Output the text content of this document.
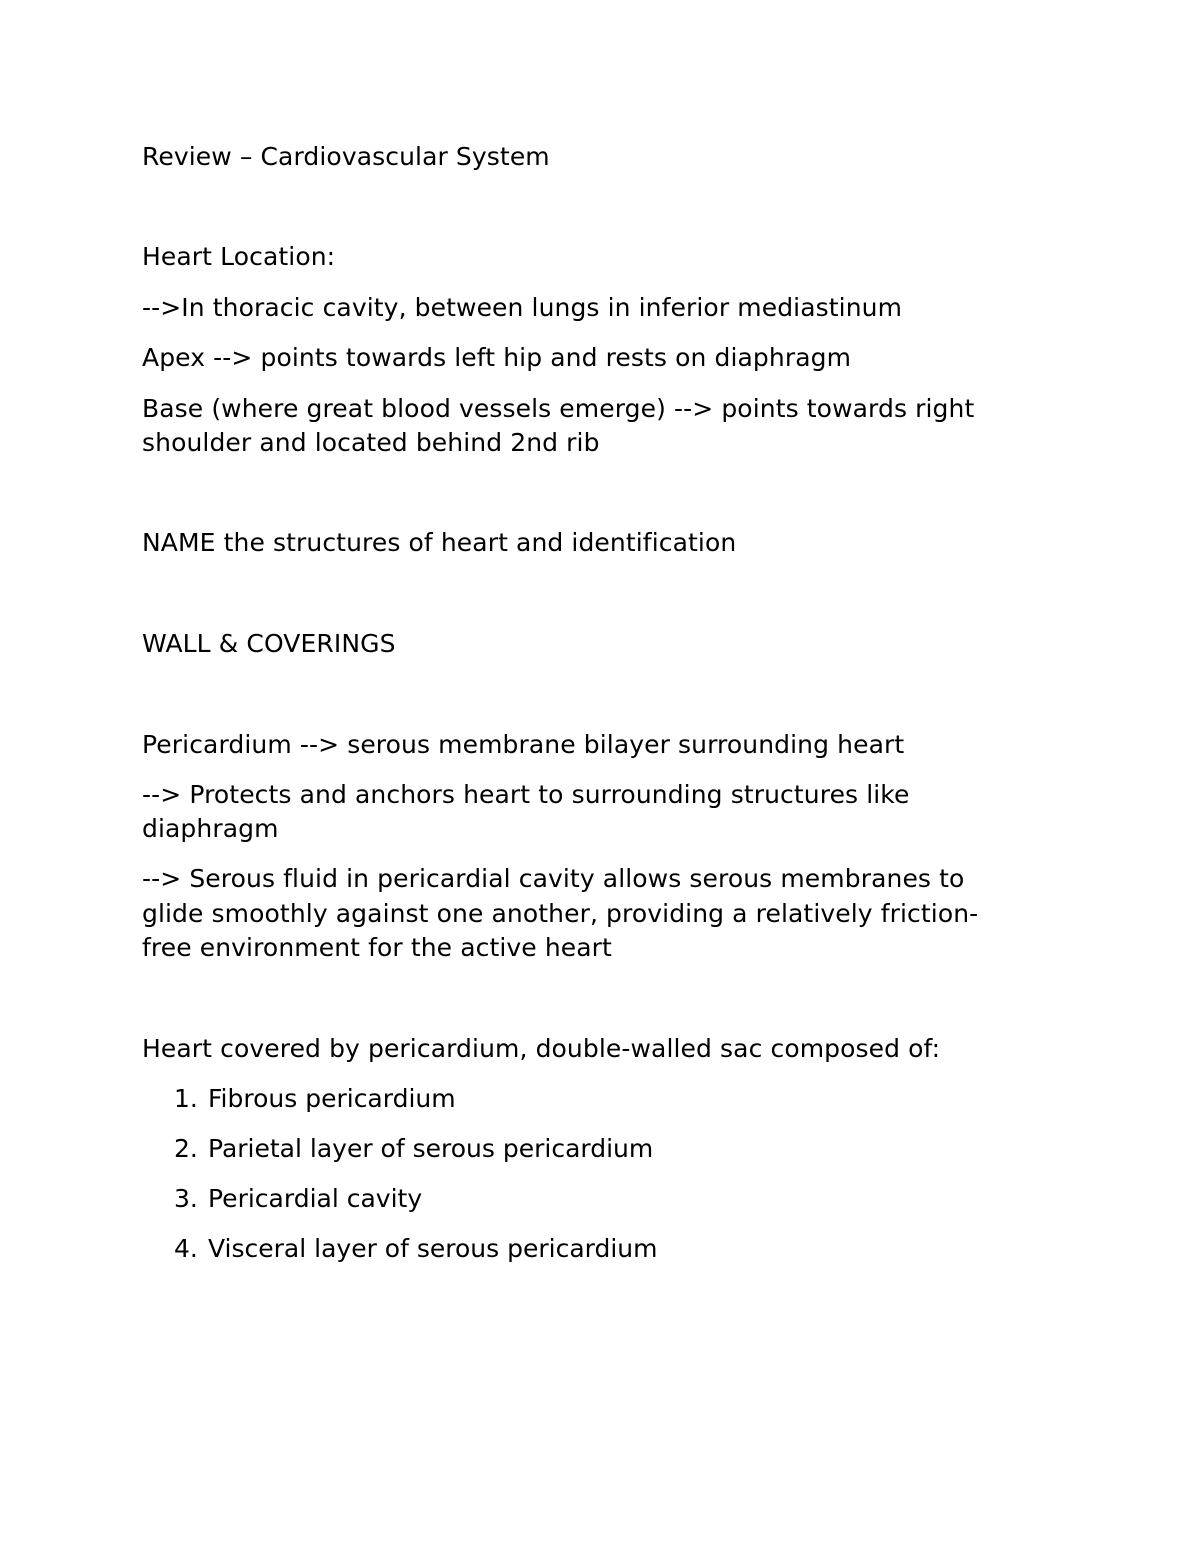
Review – Cardiovascular System
Heart Location:
-->In thoracic cavity, between lungs in inferior mediastinum
Apex --> points towards left hip and rests on diaphragm
Base (where great blood vessels emerge) --> points towards right
shoulder and located behind 2nd rib
NAME the structures of heart and identification
WALL & COVERINGS
Pericardium --> serous membrane bilayer surrounding heart
--> Protects and anchors heart to surrounding structures like
diaphragm
--> Serous fluid in pericardial cavity allows serous membranes to
glide smoothly against one another, providing a relatively friction-
free environment for the active heart
Heart covered by pericardium, double-walled sac composed of:
1. Fibrous pericardium
2. Parietal layer of serous pericardium
3. Pericardial cavity
4. Visceral layer of serous pericardium
